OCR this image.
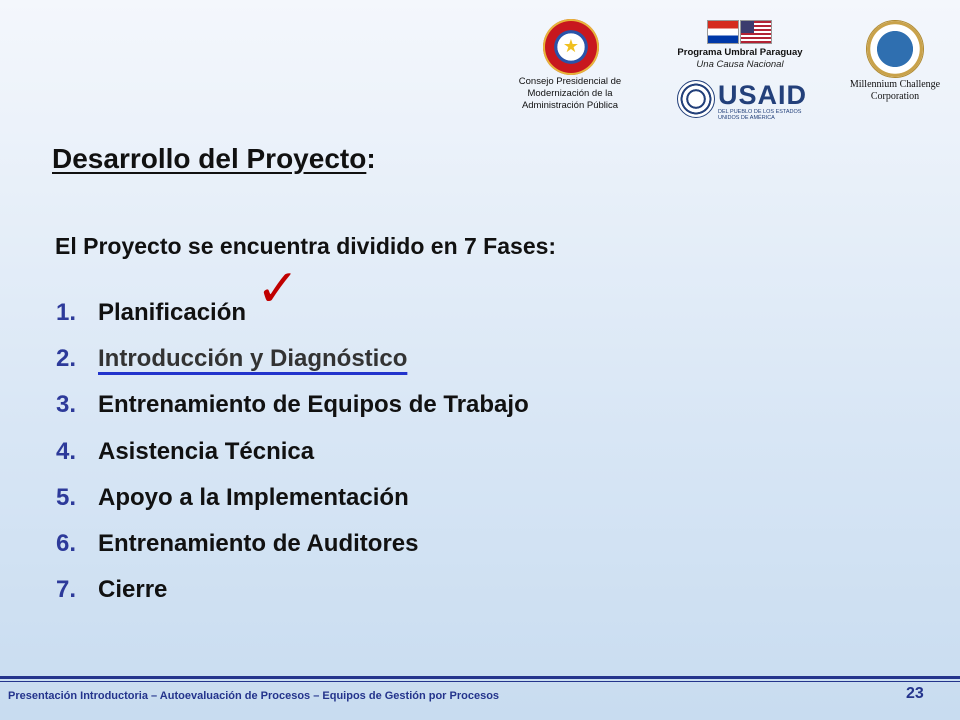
★
Consejo Presidencial de Modernización de la Administración Pública
Programa Umbral Paraguay
Una Causa Nacional
USAID
DEL PUEBLO DE LOS ESTADOS UNIDOS DE AMÉRICA
Millennium Challenge Corporation
Desarrollo del Proyecto:
El Proyecto se encuentra dividido en 7 Fases:
1. Planificación ✓
2. Introducción y Diagnóstico
3. Entrenamiento de Equipos de Trabajo
4. Asistencia Técnica
5. Apoyo a la Implementación
6. Entrenamiento de Auditores
7. Cierre
Presentación Introductoria – Autoevaluación de Procesos – Equipos de Gestión por Procesos	23
